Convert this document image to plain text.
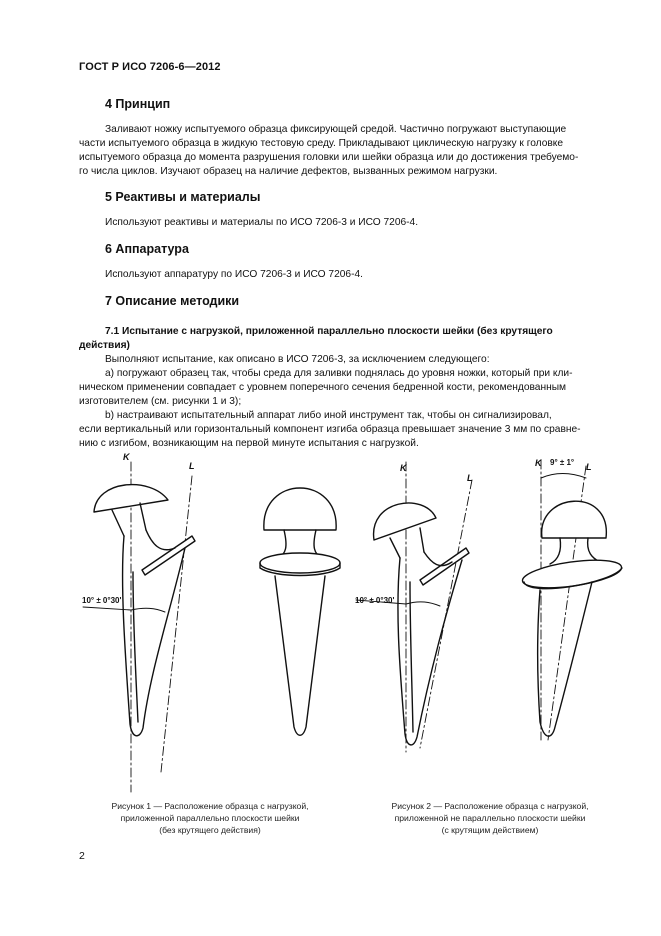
ГОСТ Р ИСО 7206-6—2012
4 Принцип
Заливают ножку испытуемого образца фиксирующей средой. Частично погружают выступающие
части испытуемого образца в жидкую тестовую среду. Прикладывают циклическую нагрузку к головке
испытуемого образца до момента разрушения головки или шейки образца или до достижения требуемо-
го числа циклов. Изучают образец на наличие дефектов, вызванных режимом нагрузки.
5 Реактивы и материалы
Используют реактивы и материалы по ИСО 7206-3 и ИСО 7206-4.
6 Аппаратура
Используют аппаратуру по ИСО 7206-3 и ИСО 7206-4.
7 Описание методики
7.1 Испытание с нагрузкой, приложенной параллельно плоскости шейки (без крутящего
действия)
Выполняют испытание, как описано в ИСО 7206-3, за исключением следующего:
a) погружают образец так, чтобы среда для заливки поднялась до уровня ножки, который при кли-
ническом применении совпадает с уровнем поперечного сечения бедренной кости, рекомендованным
изготовителем (см. рисунки 1 и 3);
b) настраивают испытательный аппарат либо иной инструмент так, чтобы он сигнализировал,
если вертикальный или горизонтальный компонент изгиба образца превышает значение 3 мм по сравне-
нию с изгибом, возникающим на первой минуте испытания с нагрузкой.
K
L
10° ± 0°30'
K
L
10° ± 0°30'
K	L
9° ± 1°
Рисунок 1 — Расположение образца с нагрузкой,
приложенной параллельно плоскости шейки
(без крутящего действия)
Рисунок 2 — Расположение образца с нагрузкой,
приложенной не параллельно плоскости шейки
(с крутящим действием)
2
